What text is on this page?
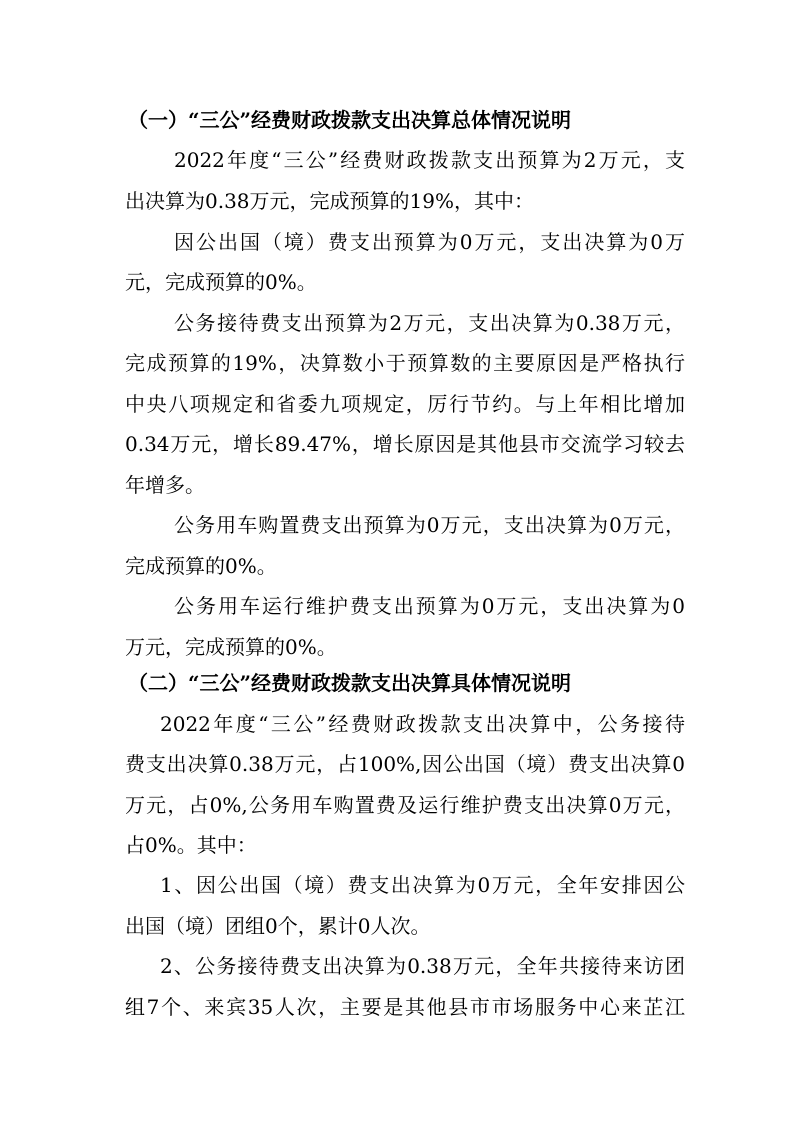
（一）“三公”经费财政拨款支出决算总体情况说明
2022年度“三公”经费财政拨款支出预算为2万元，支
出决算为0.38万元，完成预算的19%，其中：
因公出国（境）费支出预算为0万元，支出决算为0万
元，完成预算的0%。
公务接待费支出预算为2万元，支出决算为0.38万元，
完成预算的19%，决算数小于预算数的主要原因是严格执行
中央八项规定和省委九项规定，厉行节约。与上年相比增加
0.34万元，增长89.47%，增长原因是其他县市交流学习较去
年增多。
公务用车购置费支出预算为0万元，支出决算为0万元，
完成预算的0%。
公务用车运行维护费支出预算为0万元，支出决算为0
万元，完成预算的0%。
（二）“三公”经费财政拨款支出决算具体情况说明
2022年度“三公”经费财政拨款支出决算中，公务接待
费支出决算0.38万元，占100%,因公出国（境）费支出决算0
万元，占0%,公务用车购置费及运行维护费支出决算0万元，
占0%。其中：
1、因公出国（境）费支出决算为0万元，全年安排因公
出国（境）团组0个，累计0人次。
2、公务接待费支出决算为0.38万元，全年共接待来访团
组7个、来宾35人次，主要是其他县市市场服务中心来芷江
